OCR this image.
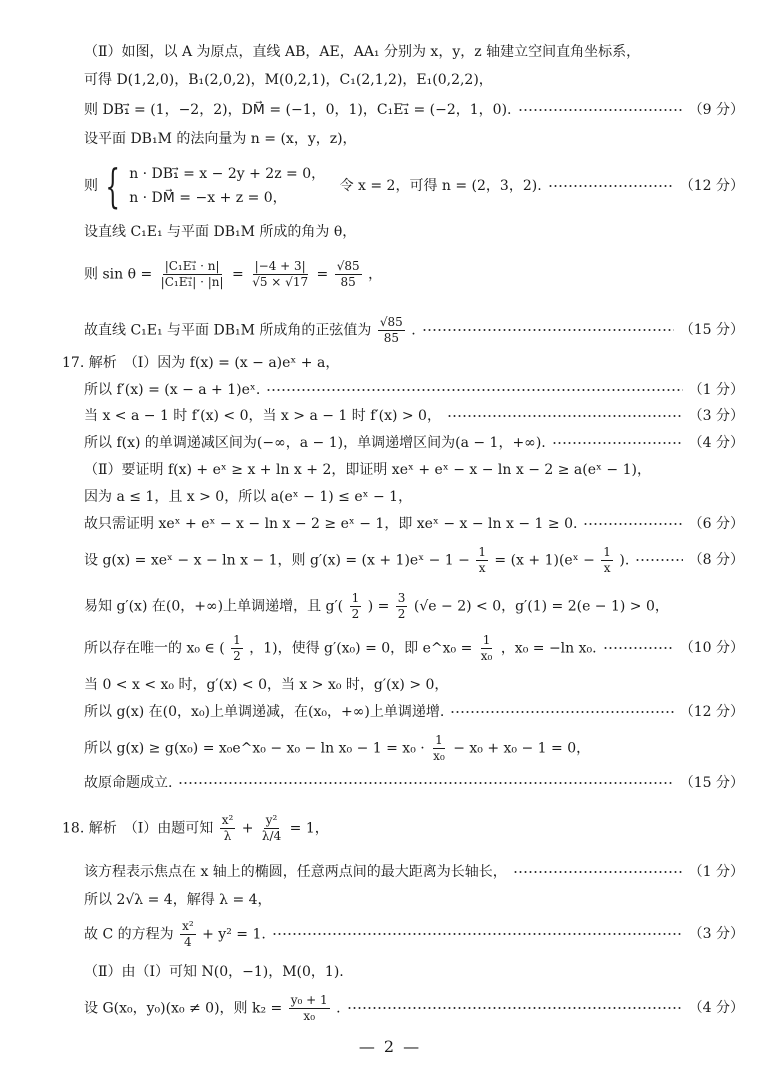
（Ⅱ）如图，以 A 为原点，直线 AB，AE，AA₁ 分别为 x，y，z 轴建立空间直角坐标系，
可得 D(1,2,0)，B₁(2,0,2)，M(0,2,1)，C₁(2,1,2)，E₁(0,2,2)，
则 DB₁⃗ = (1，−2，2)，DM⃗ = (−1，0，1)，C₁E₁⃗ = (−2，1，0).	（9 分）
设平面 DB₁M 的法向量为 n = (x，y，z)，
则 { n · DB₁⃗ = x − 2y + 2z = 0，
n · DM⃗ = −x + z = 0，
令 x = 2，可得 n = (2，3，2).	（12 分）
设直线 C₁E₁ 与平面 DB₁M 所成的角为 θ，
则 $\sin \theta = \frac{\text{|C₁E₁⃗ · n|}}{\text{|C₁E₁⃗| · |n|}} = \frac{|-4 + 3|}{√5 \times √17} = \frac{√85}{85}$ ，
故直线 C₁E₁ 与平面 DB₁M 所成角的正弦值为 $\frac{√85}{85}$ .	（15 分）
17. 解析　（Ⅰ）因为 f(x) = (x − a)eˣ + a，
所以 f′(x) = (x − a + 1)eˣ.	（1 分）
当 x < a − 1 时 f′(x) < 0，当 x > a − 1 时 f′(x) > 0，	（3 分）
所以 f(x) 的单调递减区间为(−∞，a − 1)，单调递增区间为(a − 1，+∞).	（4 分）
（Ⅱ）要证明 f(x) + eˣ ≥ x + ln x + 2，即证明 xeˣ + eˣ − x − ln x − 2 ≥ a(eˣ − 1)，
因为 a ≤ 1，且 x > 0，所以 a(eˣ − 1) ≤ eˣ − 1，
故只需证明 xeˣ + eˣ − x − ln x − 2 ≥ eˣ − 1，即 xeˣ − x − ln x − 1 ≥ 0.	（6 分）
设 g(x) = xeˣ − x − ln x − 1，则 g′(x) = (x + 1)eˣ − $1 - \frac{1}{x} = (x$ + 1)(eˣ − $\frac{1}{x}$ ).	（8 分）
易知 g′(x) 在(0，+∞)上单调递增，且 $g'( \frac{1}{2}$ ) = $\frac{3}{2} (√e - 2) < 0$，g′(1) = 2(e − 1) > 0，
所以存在唯一的 x₀ ∈ ( $\frac{1}{2}$ ，1)，使得 g′(x₀) = 0，即 e^x₀ = $\frac{1}{\text{x₀}}$ ，x₀ = −ln x₀.	（10 分）
当 0 < x < x₀ 时，g′(x) < 0，当 x > x₀ 时，g′(x) > 0，
所以 g(x) 在(0，x₀)上单调递减，在(x₀，+∞)上单调递增.	（12 分）
所以 g(x) ≥ g(x₀) = x₀e^x₀ − $x_0 - \ln x_0 - 1 = x_0 \cdot \frac{1}{\text{x₀}} - x_0 + x_0 - 1 = 0$，
故原命题成立.	（15 分）
18. 解析　（Ⅰ）由题可知 $\frac{\text{x²}}{\lambda} + \frac{\text{y²}}{\lambda/4} = 1$，
该方程表示焦点在 x 轴上的椭圆，任意两点间的最大距离为长轴长，	（1 分）
所以 2√λ = 4，解得 λ = 4，
故 C 的方程为 $\frac{\text{x²}}{4} + y^2 = 1$.	（3 分）
（Ⅱ）由（Ⅰ）可知 N(0，−1)，M(0，1).
设 G(x₀，y₀)(x₀ ≠ 0)，则 $k_2 = \frac{\text{y₀ + 1}}{\text{x₀}}$ .	（4 分）
— 2 —
